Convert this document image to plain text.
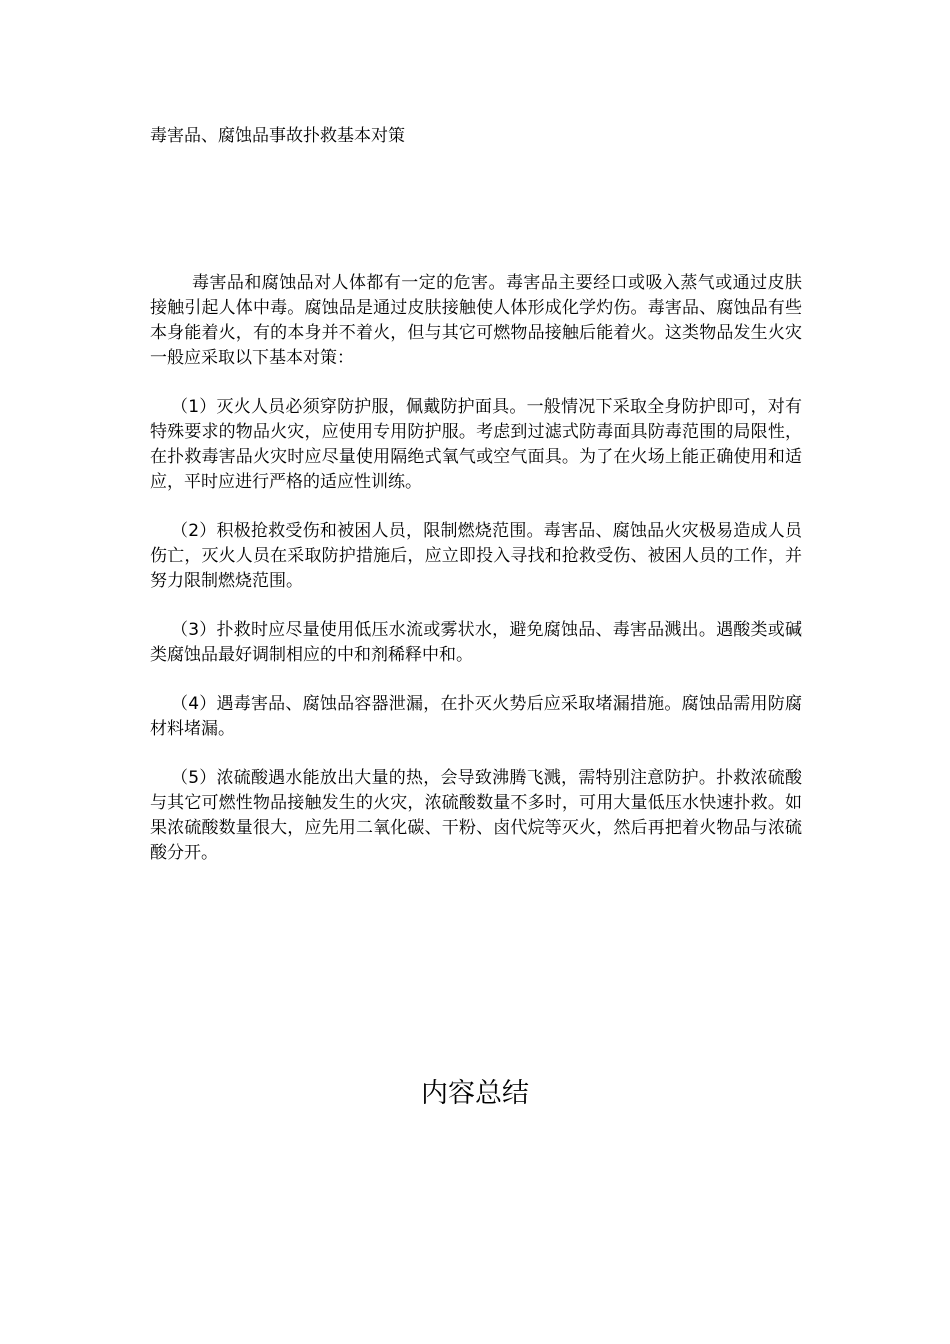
毒害品、腐蚀品事故扑救基本对策

毒害品和腐蚀品对人体都有一定的危害。毒害品主要经口或吸入蒸气或通过皮肤接触引起人体中毒。腐蚀品是通过皮肤接触使人体形成化学灼伤。毒害品、腐蚀品有些本身能着火，有的本身并不着火，但与其它可燃物品接触后能着火。这类物品发生火灾一般应采取以下基本对策：

（1）灭火人员必须穿防护服，佩戴防护面具。一般情况下采取全身防护即可，对有特殊要求的物品火灾，应使用专用防护服。考虑到过滤式防毒面具防毒范围的局限性，在扑救毒害品火灾时应尽量使用隔绝式氧气或空气面具。为了在火场上能正确使用和适应，平时应进行严格的适应性训练。

（2）积极抢救受伤和被困人员，限制燃烧范围。毒害品、腐蚀品火灾极易造成人员伤亡，灭火人员在采取防护措施后，应立即投入寻找和抢救受伤、被困人员的工作，并努力限制燃烧范围。

（3）扑救时应尽量使用低压水流或雾状水，避免腐蚀品、毒害品溅出。遇酸类或碱类腐蚀品最好调制相应的中和剂稀释中和。

（4）遇毒害品、腐蚀品容器泄漏，在扑灭火势后应采取堵漏措施。腐蚀品需用防腐材料堵漏。

（5）浓硫酸遇水能放出大量的热，会导致沸腾飞溅，需特别注意防护。扑救浓硫酸与其它可燃性物品接触发生的火灾，浓硫酸数量不多时，可用大量低压水快速扑救。如果浓硫酸数量很大，应先用二氧化碳、干粉、卤代烷等灭火，然后再把着火物品与浓硫酸分开。

内容总结
